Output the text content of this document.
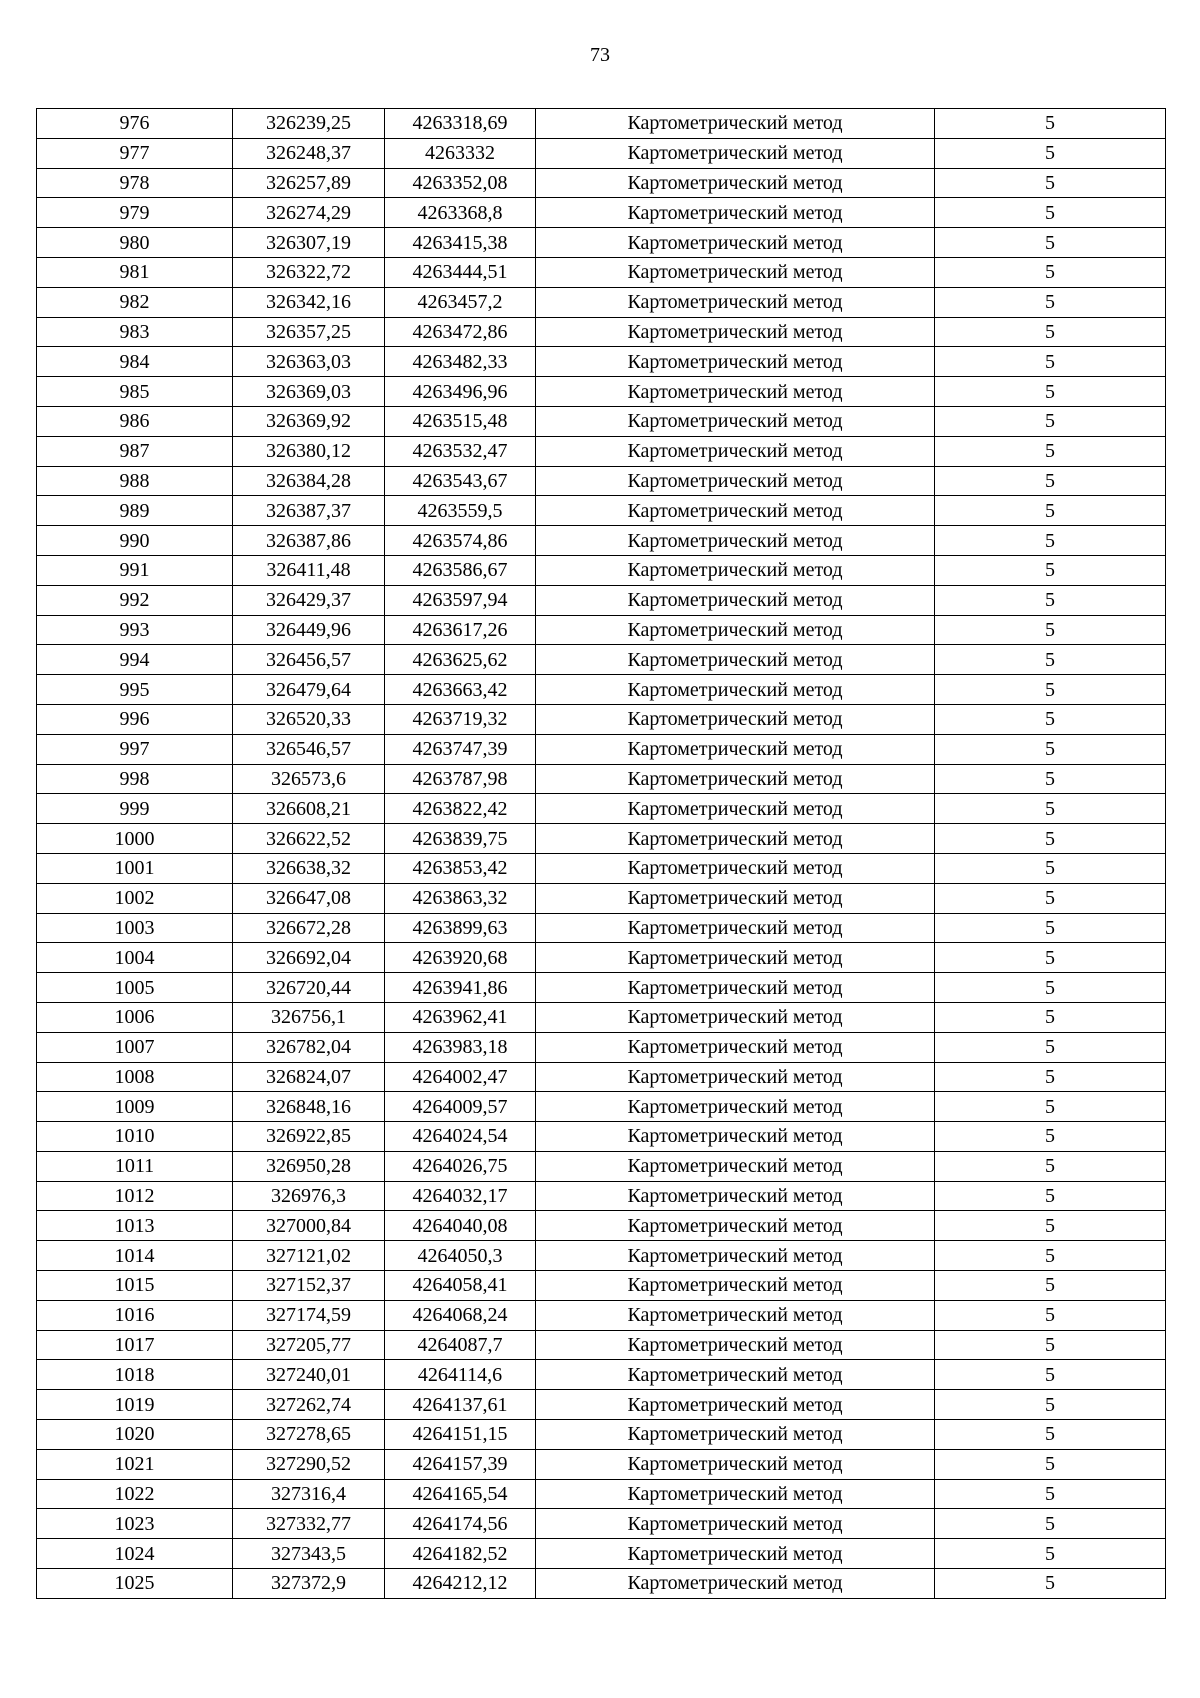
73
976	326239,25	4263318,69	Картометрический метод	5
977	326248,37	4263332	Картометрический метод	5
978	326257,89	4263352,08	Картометрический метод	5
979	326274,29	4263368,8	Картометрический метод	5
980	326307,19	4263415,38	Картометрический метод	5
981	326322,72	4263444,51	Картометрический метод	5
982	326342,16	4263457,2	Картометрический метод	5
983	326357,25	4263472,86	Картометрический метод	5
984	326363,03	4263482,33	Картометрический метод	5
985	326369,03	4263496,96	Картометрический метод	5
986	326369,92	4263515,48	Картометрический метод	5
987	326380,12	4263532,47	Картометрический метод	5
988	326384,28	4263543,67	Картометрический метод	5
989	326387,37	4263559,5	Картометрический метод	5
990	326387,86	4263574,86	Картометрический метод	5
991	326411,48	4263586,67	Картометрический метод	5
992	326429,37	4263597,94	Картометрический метод	5
993	326449,96	4263617,26	Картометрический метод	5
994	326456,57	4263625,62	Картометрический метод	5
995	326479,64	4263663,42	Картометрический метод	5
996	326520,33	4263719,32	Картометрический метод	5
997	326546,57	4263747,39	Картометрический метод	5
998	326573,6	4263787,98	Картометрический метод	5
999	326608,21	4263822,42	Картометрический метод	5
1000	326622,52	4263839,75	Картометрический метод	5
1001	326638,32	4263853,42	Картометрический метод	5
1002	326647,08	4263863,32	Картометрический метод	5
1003	326672,28	4263899,63	Картометрический метод	5
1004	326692,04	4263920,68	Картометрический метод	5
1005	326720,44	4263941,86	Картометрический метод	5
1006	326756,1	4263962,41	Картометрический метод	5
1007	326782,04	4263983,18	Картометрический метод	5
1008	326824,07	4264002,47	Картометрический метод	5
1009	326848,16	4264009,57	Картометрический метод	5
1010	326922,85	4264024,54	Картометрический метод	5
1011	326950,28	4264026,75	Картометрический метод	5
1012	326976,3	4264032,17	Картометрический метод	5
1013	327000,84	4264040,08	Картометрический метод	5
1014	327121,02	4264050,3	Картометрический метод	5
1015	327152,37	4264058,41	Картометрический метод	5
1016	327174,59	4264068,24	Картометрический метод	5
1017	327205,77	4264087,7	Картометрический метод	5
1018	327240,01	4264114,6	Картометрический метод	5
1019	327262,74	4264137,61	Картометрический метод	5
1020	327278,65	4264151,15	Картометрический метод	5
1021	327290,52	4264157,39	Картометрический метод	5
1022	327316,4	4264165,54	Картометрический метод	5
1023	327332,77	4264174,56	Картометрический метод	5
1024	327343,5	4264182,52	Картометрический метод	5
1025	327372,9	4264212,12	Картометрический метод	5
